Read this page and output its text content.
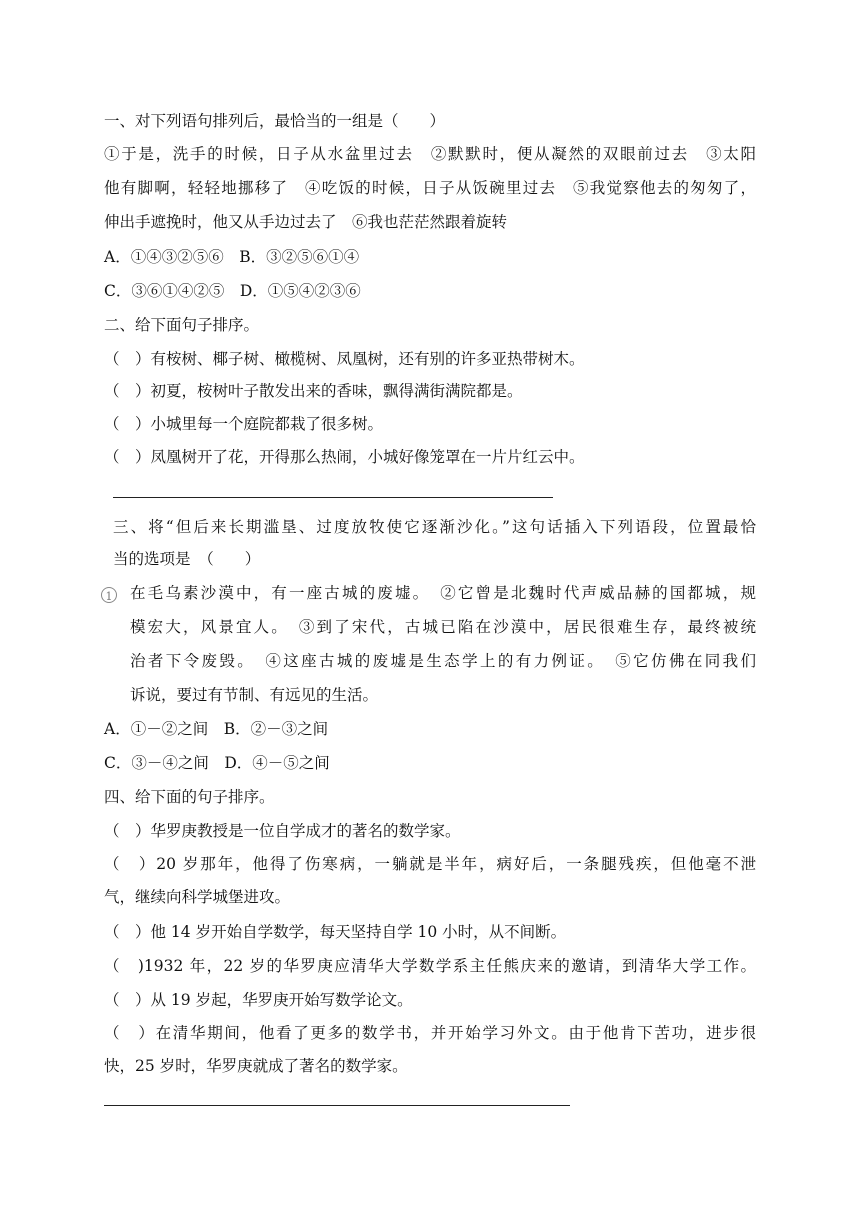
一、对下列语句排列后，最恰当的一组是（　　）
①于是，洗手的时候，日子从水盆里过去　②默默时，便从凝然的双眼前过去　③太阳
他有脚啊，轻轻地挪移了　④吃饭的时候，日子从饭碗里过去　⑤我觉察他去的匆匆了，
伸出手遮挽时，他又从手边过去了　⑥我也茫茫然跟着旋转
A．①④③②⑤⑥　B．③②⑤⑥①④
C．③⑥①④②⑤　D．①⑤④②③⑥
二、给下面句子排序。
（　）有桉树、椰子树、橄榄树、凤凰树，还有别的许多亚热带树木。
（　）初夏，桉树叶子散发出来的香味，飘得满街满院都是。
（　）小城里每一个庭院都栽了很多树。
（　）凤凰树开了花，开得那么热闹，小城好像笼罩在一片片红云中。
三、将“但后来长期滥垦、过度放牧使它逐渐沙化。”这句话插入下列语段，位置最恰
当的选项是　（　　）
1	在毛乌素沙漠中，有一座古城的废墟。　②它曾是北魏时代声威品赫的国都城，规
模宏大，风景宜人。　③到了宋代，古城已陷在沙漠中，居民很难生存，最终被统
治者下令废毁。　④这座古城的废墟是生态学上的有力例证。　⑤它仿佛在同我们
诉说，要过有节制、有远见的生活。
A．①－②之间　B．②－③之间
C．③－④之间　D．④－⑤之间
四、给下面的句子排序。
（　）华罗庚教授是一位自学成才的著名的数学家。
（　）20 岁那年，他得了伤寒病，一躺就是半年，病好后，一条腿残疾，但他毫不泄
气，继续向科学城堡进攻。
（　）他 14 岁开始自学数学，每天坚持自学 10 小时，从不间断。
（　)1932 年，22 岁的华罗庚应清华大学数学系主任熊庆来的邀请，到清华大学工作。
（　）从 19 岁起，华罗庚开始写数学论文。
（　）在清华期间，他看了更多的数学书，并开始学习外文。由于他肯下苦功，进步很
快，25 岁时，华罗庚就成了著名的数学家。
